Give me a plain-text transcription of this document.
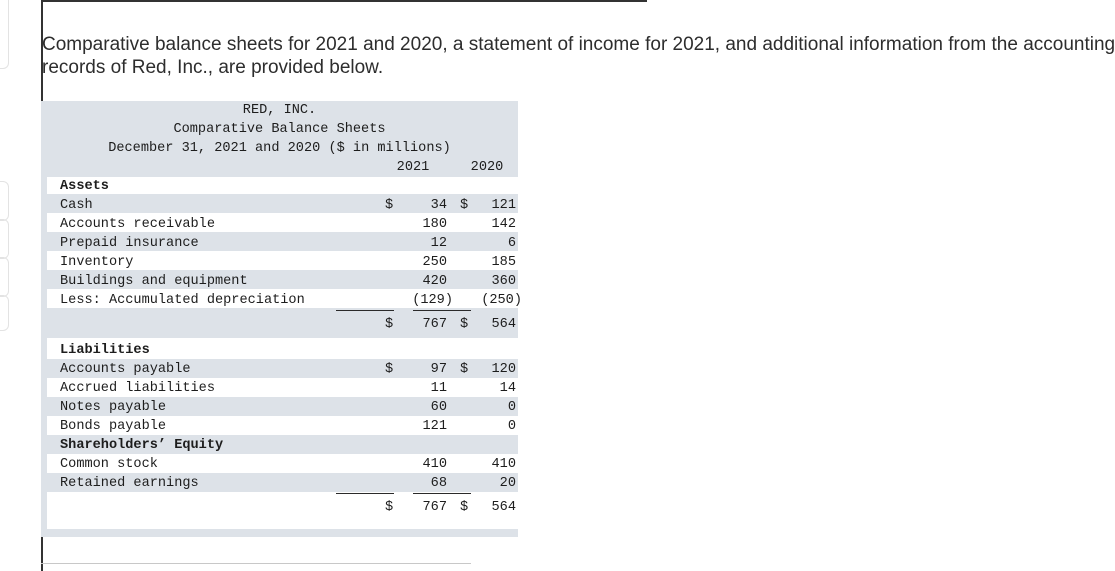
Comparative balance sheets for 2021 and 2020, a statement of income for 2021, and additional information from the accounting
records of Red, Inc., are provided below.
RED, INC.
Comparative Balance Sheets
December 31, 2021 and 2020 ($ in millions)
2021	2020
Assets
Cash	$	34 $ 121
Accounts receivable	180	142
Prepaid insurance	12	6
Inventory	250	185
Buildings and equipment	420	360
Less: Accumulated depreciation	(129) (250)
$ 767 $ 564
Liabilities
Accounts payable	$	97 $ 120
Accrued liabilities	11	14
Notes payable	60	0
Bonds payable	121	0
Shareholders’ Equity
Common stock	410	410
Retained earnings	68	20
$ 767 $ 564
